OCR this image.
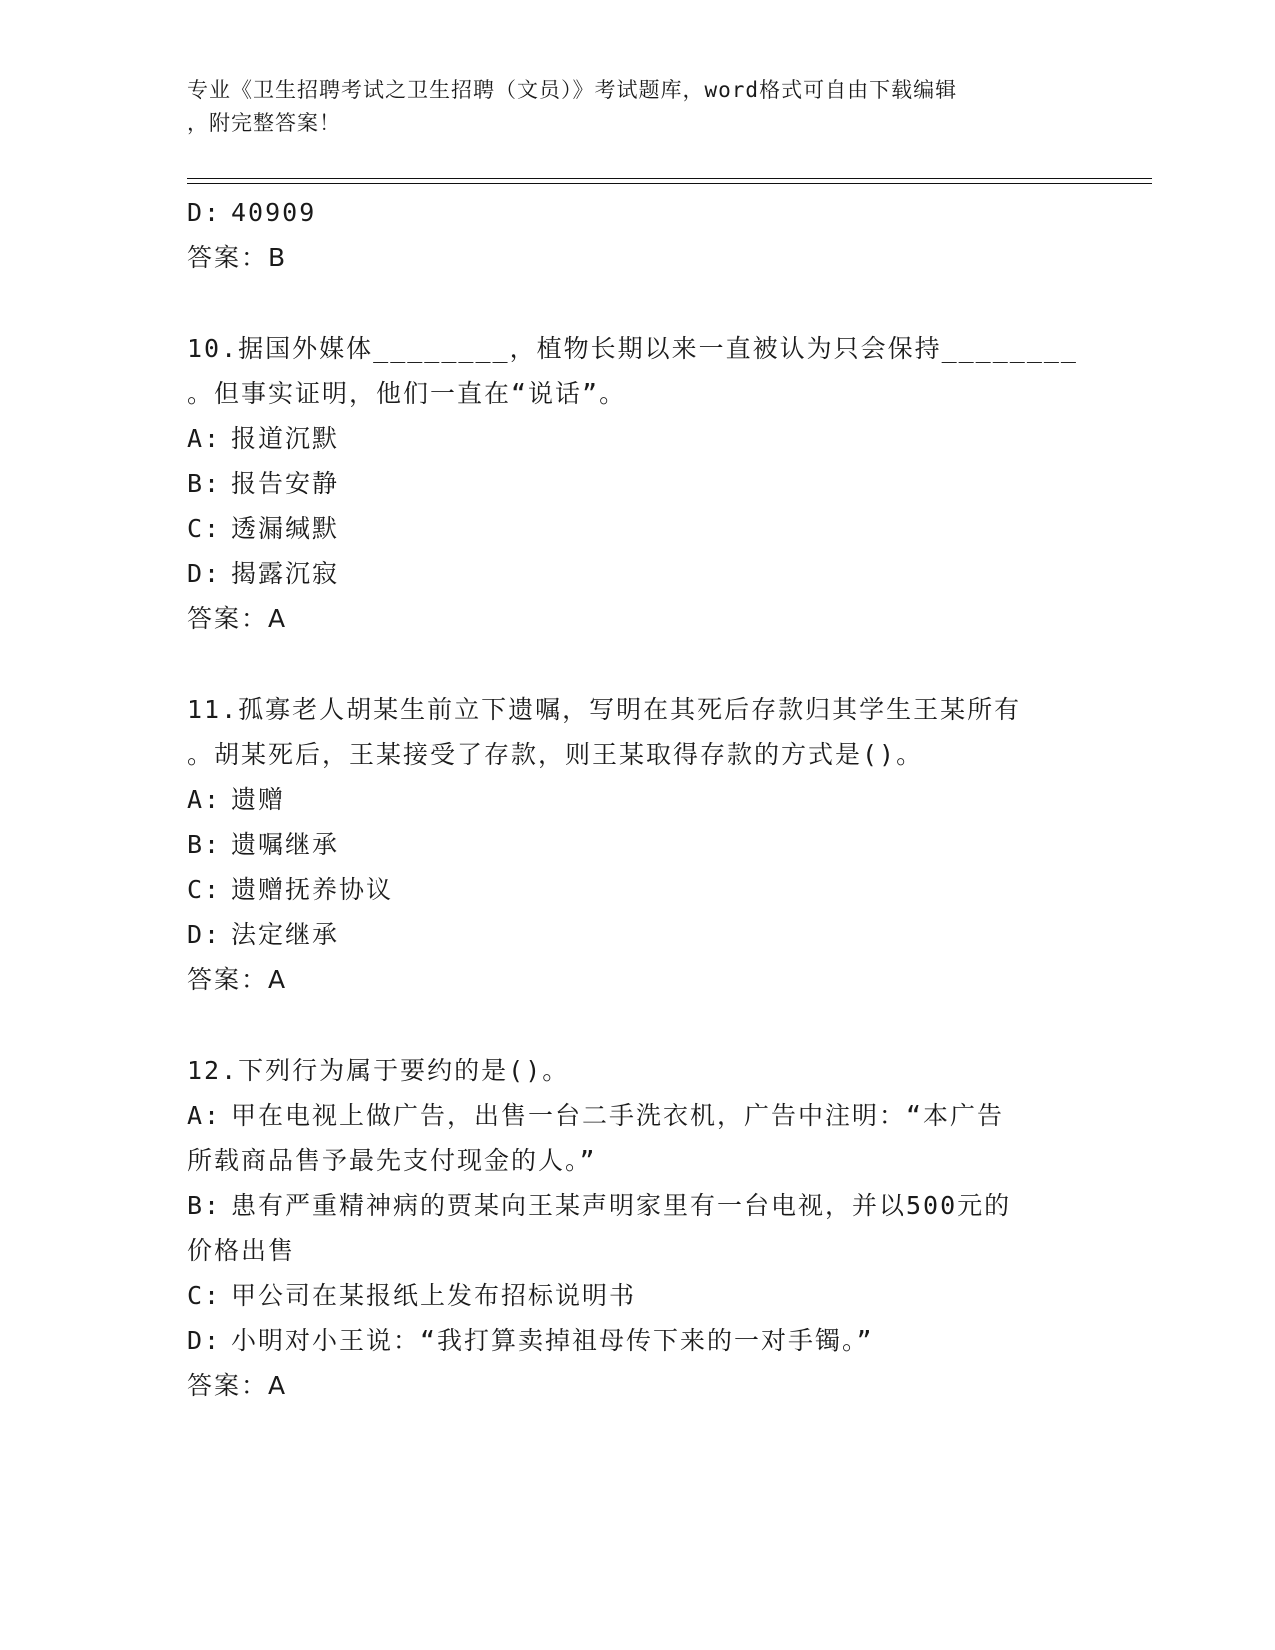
专业《卫生招聘考试之卫生招聘（文员）》考试题库，word格式可自由下载编辑
，附完整答案！
D: 40909
答案：B
10.据国外媒体________，植物长期以来一直被认为只会保持________
。但事实证明，他们一直在“说话”。
A: 报道沉默
B: 报告安静
C: 透漏缄默
D: 揭露沉寂
答案：A
11.孤寡老人胡某生前立下遗嘱，写明在其死后存款归其学生王某所有
。胡某死后，王某接受了存款，则王某取得存款的方式是()。
A: 遗赠
B: 遗嘱继承
C: 遗赠抚养协议
D: 法定继承
答案：A
12.下列行为属于要约的是()。
A: 甲在电视上做广告，出售一台二手洗衣机，广告中注明：“本广告
所载商品售予最先支付现金的人。”
B: 患有严重精神病的贾某向王某声明家里有一台电视，并以500元的
价格出售
C: 甲公司在某报纸上发布招标说明书
D: 小明对小王说：“我打算卖掉祖母传下来的一对手镯。”
答案：A
